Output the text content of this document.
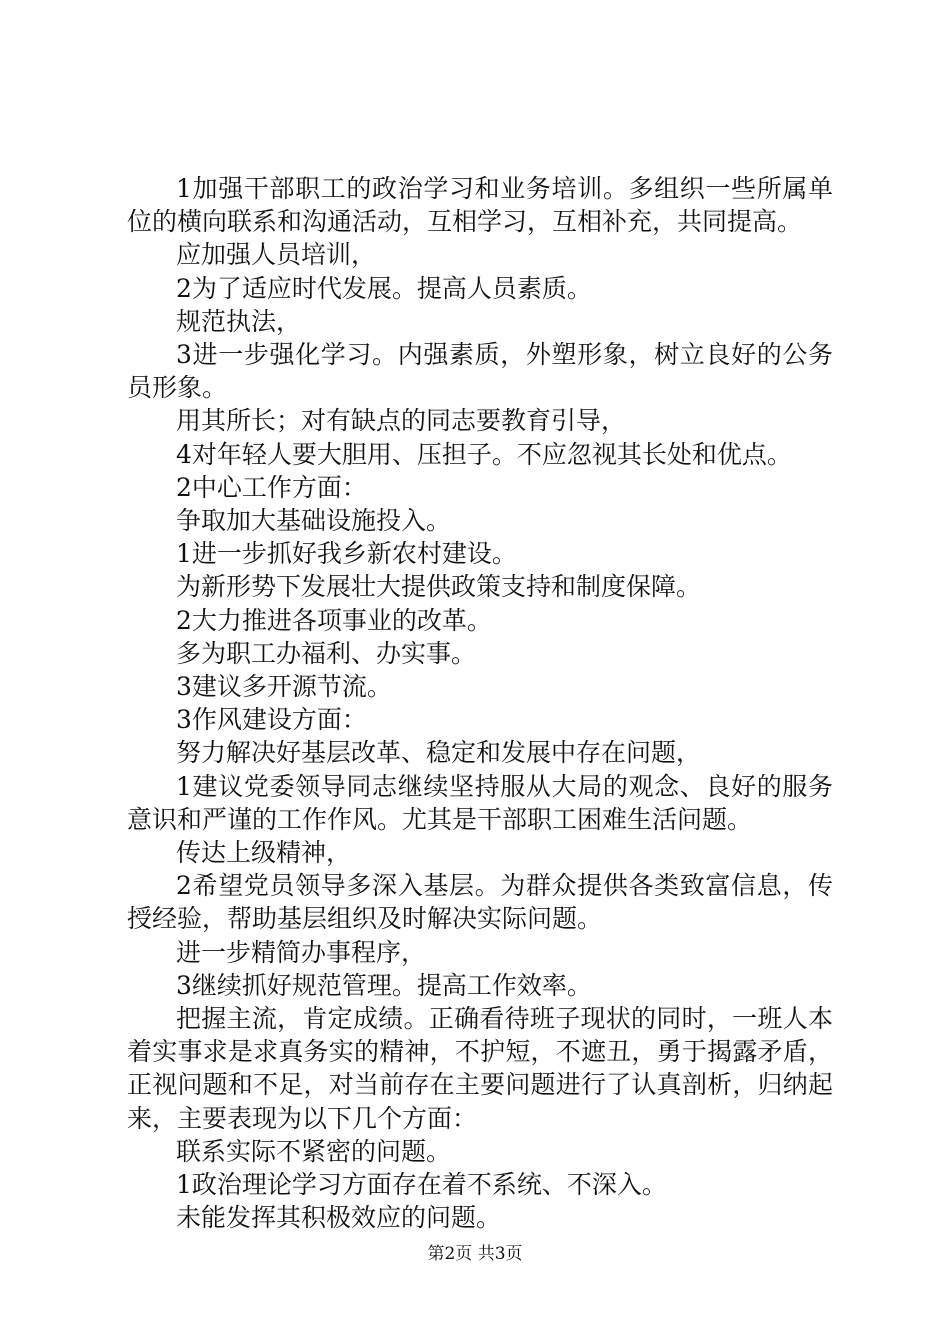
1加强干部职工的政治学习和业务培训。多组织一些所属单位的横向联系和沟通活动，互相学习，互相补充，共同提高。

应加强人员培训，

2为了适应时代发展。提高人员素质。

规范执法，

3进一步强化学习。内强素质，外塑形象，树立良好的公务员形象。

用其所长；对有缺点的同志要教育引导，

4对年轻人要大胆用、压担子。不应忽视其长处和优点。

2中心工作方面：

争取加大基础设施投入。

1进一步抓好我乡新农村建设。

为新形势下发展壮大提供政策支持和制度保障。

2大力推进各项事业的改革。

多为职工办福利、办实事。

3建议多开源节流。

3作风建设方面：

努力解决好基层改革、稳定和发展中存在问题，

1建议党委领导同志继续坚持服从大局的观念、良好的服务意识和严谨的工作作风。尤其是干部职工困难生活问题。

传达上级精神，

2希望党员领导多深入基层。为群众提供各类致富信息，传授经验，帮助基层组织及时解决实际问题。

进一步精简办事程序，

3继续抓好规范管理。提高工作效率。

把握主流，肯定成绩。正确看待班子现状的同时，一班人本着实事求是求真务实的精神，不护短，不遮丑，勇于揭露矛盾，正视问题和不足，对当前存在主要问题进行了认真剖析，归纳起来，主要表现为以下几个方面：

联系实际不紧密的问题。

1政治理论学习方面存在着不系统、不深入。

未能发挥其积极效应的问题。

第2页 共3页
